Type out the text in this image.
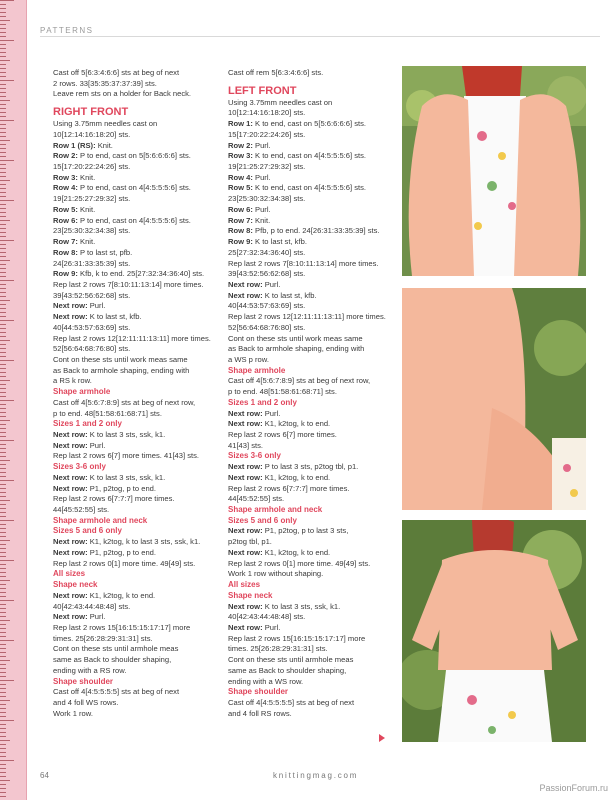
PATTERNS
Cast off 5[6:3:4:6:6] sts at beg of next
2 rows. 33[35:35:37:37:39] sts.
Leave rem sts on a holder for Back neck.
RIGHT FRONT
Using 3.75mm needles cast on
10[12:14:16:18:20] sts.
Row 1 (RS): Knit.
Row 2: P to end, cast on 5[5:6:6:6:6] sts.
15[17:20:22:24:26] sts.
Row 3: Knit.
Row 4: P to end, cast on 4[4:5:5:5:6] sts.
19[21:25:27:29:32] sts.
Row 5: Knit.
Row 6: P to end, cast on 4[4:5:5:5:6] sts.
23[25:30:32:34:38] sts.
Row 7: Knit.
Row 8: P to last st, pfb.
24[26:31:33:35:39] sts.
Row 9: Kfb, k to end. 25[27:32:34:36:40] sts.
Rep last 2 rows 7[8:10:11:13:14] more times.
39[43:52:56:62:68] sts.
Next row: Purl.
Next row: K to last st, kfb.
40[44:53:57:63:69] sts.
Rep last 2 rows 12[12:11:11:13:11] more times.
52[56:64:68:76:80] sts.
Cont on these sts until work meas same
as Back to armhole shaping, ending with
a RS k row.
Shape armhole
Cast off 4[5:6:7:8:9] sts at beg of next row,
p to end. 48[51:58:61:68:71] sts.
Sizes 1 and 2 only
Next row: K to last 3 sts, ssk, k1.
Next row: Purl.
Rep last 2 rows 6[7] more times. 41[43] sts.
Sizes 3-6 only
Next row: K to last 3 sts, ssk, k1.
Next row: P1, p2tog, p to end.
Rep last 2 rows 6[7:7:7] more times.
44[45:52:55] sts.
Shape armhole and neck
Sizes 5 and 6 only
Next row: K1, k2tog, k to last 3 sts, ssk, k1.
Next row: P1, p2tog, p to end.
Rep last 2 rows 0[1] more time. 49[49] sts.
All sizes
Shape neck
Next row: K1, k2tog, k to end.
40[42:43:44:48:48] sts.
Next row: Purl.
Rep last 2 rows 15[16:15:15:17:17] more
times. 25[26:28:29:31:31] sts.
Cont on these sts until armhole meas
same as Back to shoulder shaping,
ending with a RS row.
Shape shoulder
Cast off 4[4:5:5:5:5] sts at beg of next
and 4 foll WS rows.
Work 1 row.
Cast off rem 5[6:3:4:6:6] sts.
LEFT FRONT
Using 3.75mm needles cast on
10[12:14:16:18:20] sts.
Row 1: K to end, cast on 5[5:6:6:6:6] sts.
15[17:20:22:24:26] sts.
Row 2: Purl.
Row 3: K to end, cast on 4[4:5:5:5:6] sts.
19[21:25:27:29:32] sts.
Row 4: Purl.
Row 5: K to end, cast on 4[4:5:5:5:6] sts.
23[25:30:32:34:38] sts.
Row 6: Purl.
Row 7: Knit.
Row 8: Pfb, p to end. 24[26:31:33:35:39] sts.
Row 9: K to last st, kfb.
25[27:32:34:36:40] sts.
Rep last 2 rows 7[8:10:11:13:14] more times.
39[43:52:56:62:68] sts.
Next row: Purl.
Next row: K to last st, kfb.
40[44:53:57:63:69] sts.
Rep last 2 rows 12[12:11:11:13:11] more times.
52[56:64:68:76:80] sts.
Cont on these sts until work meas same
as Back to armhole shaping, ending with
a WS p row.
Shape armhole
Cast off 4[5:6:7:8:9] sts at beg of next row,
p to end. 48[51:58:61:68:71] sts.
Sizes 1 and 2 only
Next row: Purl.
Next row: K1, k2tog, k to end.
Rep last 2 rows 6[7] more times.
41[43] sts.
Sizes 3-6 only
Next row: P to last 3 sts, p2tog tbl, p1.
Next row: K1, k2tog, k to end.
Rep last 2 rows 6[7:7:7] more times.
44[45:52:55] sts.
Shape armhole and neck
Sizes 5 and 6 only
Next row: P1, p2tog, p to last 3 sts,
p2tog tbl, p1.
Next row: K1, k2tog, k to end.
Rep last 2 rows 0[1] more time. 49[49] sts.
Work 1 row without shaping.
All sizes
Shape neck
Next row: K to last 3 sts, ssk, k1.
40[42:43:44:48:48] sts.
Next row: Purl.
Rep last 2 rows 15[16:15:15:17:17] more
times. 25[26:28:29:31:31] sts.
Cont on these sts until armhole meas
same as Back to shoulder shaping,
ending with a WS row.
Shape shoulder
Cast off 4[4:5:5:5:5] sts at beg of next
and 4 foll RS rows.
64	knittingmag.com
PassionForum.ru
